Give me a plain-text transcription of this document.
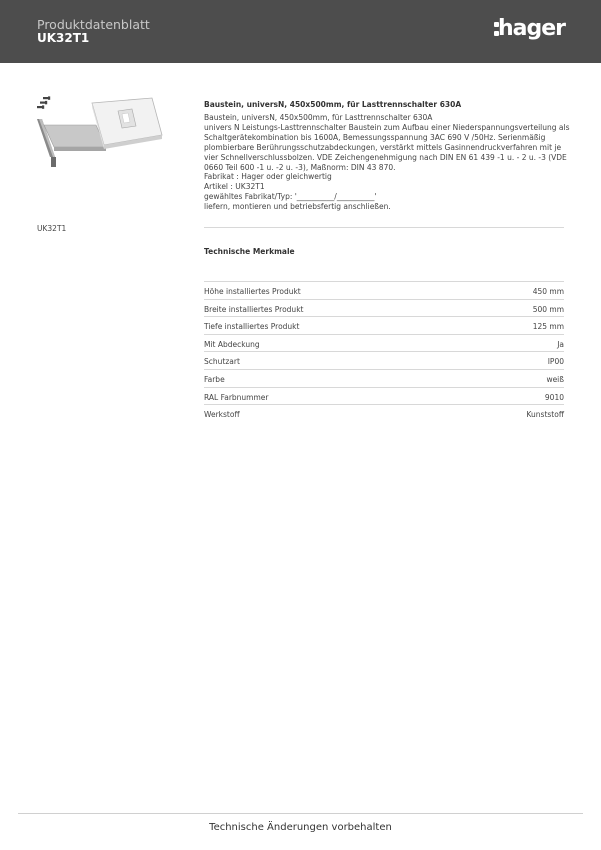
Produktdatenblatt
UK32T1	hager
UK32T1
Baustein, universN, 450x500mm, für Lasttrennschalter 630A
Baustein, universN, 450x500mm, für Lasttrennschalter 630A
univers N Leistungs-Lasttrennschalter Baustein zum Aufbau einer Niederspannungsverteilung als
Schaltgerätekombination bis 1600A, Bemessungsspannung 3AC 690 V /50Hz. Serienmäßig
plombierbare Berührungsschutzabdeckungen, verstärkt mittels Gasinnendruckverfahren mit je
vier Schnellverschlussbolzen. VDE Zeichengenehmigung nach DIN EN 61 439 -1 u. - 2 u. -3 (VDE
0660 Teil 600 -1 u. -2 u. -3), Maßnorm: DIN 43 870.
Fabrikat : Hager oder gleichwertig
Artikel : UK32T1
gewähltes Fabrikat/Typ: '__________/__________'
liefern, montieren und betriebsfertig anschließen.
Technische Merkmale
Höhe installiertes Produkt	450 mm
Breite installiertes Produkt	500 mm
Tiefe installiertes Produkt	125 mm
Mit Abdeckung	Ja
Schutzart	IP00
Farbe	weiß
RAL Farbnummer	9010
Werkstoff	Kunststoff
Technische Änderungen vorbehalten
